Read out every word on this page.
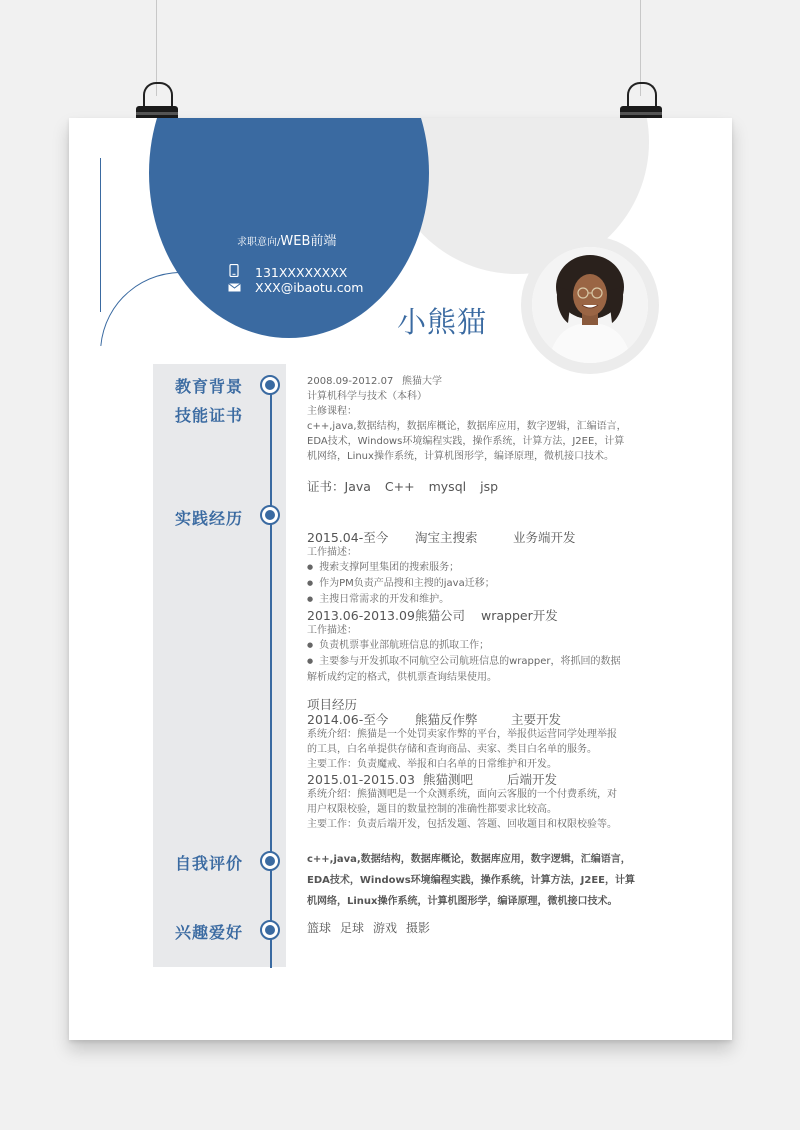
求职意向/WEB前端
131XXXXXXXX
XXX@ibaotu.com
小熊猫
教育背景
技能证书
实践经历
自我评价
兴趣爱好
2008.09-2012.07 熊猫大学
计算机科学与技术（本科）
主修课程：
c++,java,数据结构，数据库概论，数据库应用，数字逻辑，汇编语言，
EDA技术，Windows环境编程实践，操作系统，计算方法，J2EE，计算
机网络，Linux操作系统，计算机图形学，编译原理，微机接口技术。
证书：Java C++ mysql jsp
2015.04-至今 淘宝主搜索	业务端开发
工作描述：
● 搜索支撑阿里集团的搜索服务；
● 作为PM负责产品搜和主搜的java迁移；
● 主搜日常需求的开发和维护。
2013.06-2013.09熊猫公司 wrapper开发
工作描述：
● 负责机票事业部航班信息的抓取工作；
● 主要参与开发抓取不同航空公司航班信息的wrapper，将抓回的数据
解析成约定的格式，供机票查询结果使用。
项目经历
2014.06-至今 熊猫反作弊	主要开发
系统介绍：熊猫是一个处罚卖家作弊的平台，举报供运营同学处理举报
的工具，白名单提供存储和查询商品、卖家、类目白名单的服务。
主要工作：负责魔戒、举报和白名单的日常维护和开发。
2015.01-2015.03 熊猫测吧	后端开发
系统介绍：熊猫测吧是一个众测系统，面向云客服的一个付费系统，对
用户权限校验，题目的数量控制的准确性都要求比较高。
主要工作：负责后端开发，包括发题、答题、回收题目和权限校验等。
c++,java,数据结构，数据库概论，数据库应用，数字逻辑，汇编语言，
EDA技术，Windows环境编程实践，操作系统，计算方法，J2EE，计算
机网络，Linux操作系统，计算机图形学，编译原理，微机接口技术。
篮球 足球 游戏 摄影
